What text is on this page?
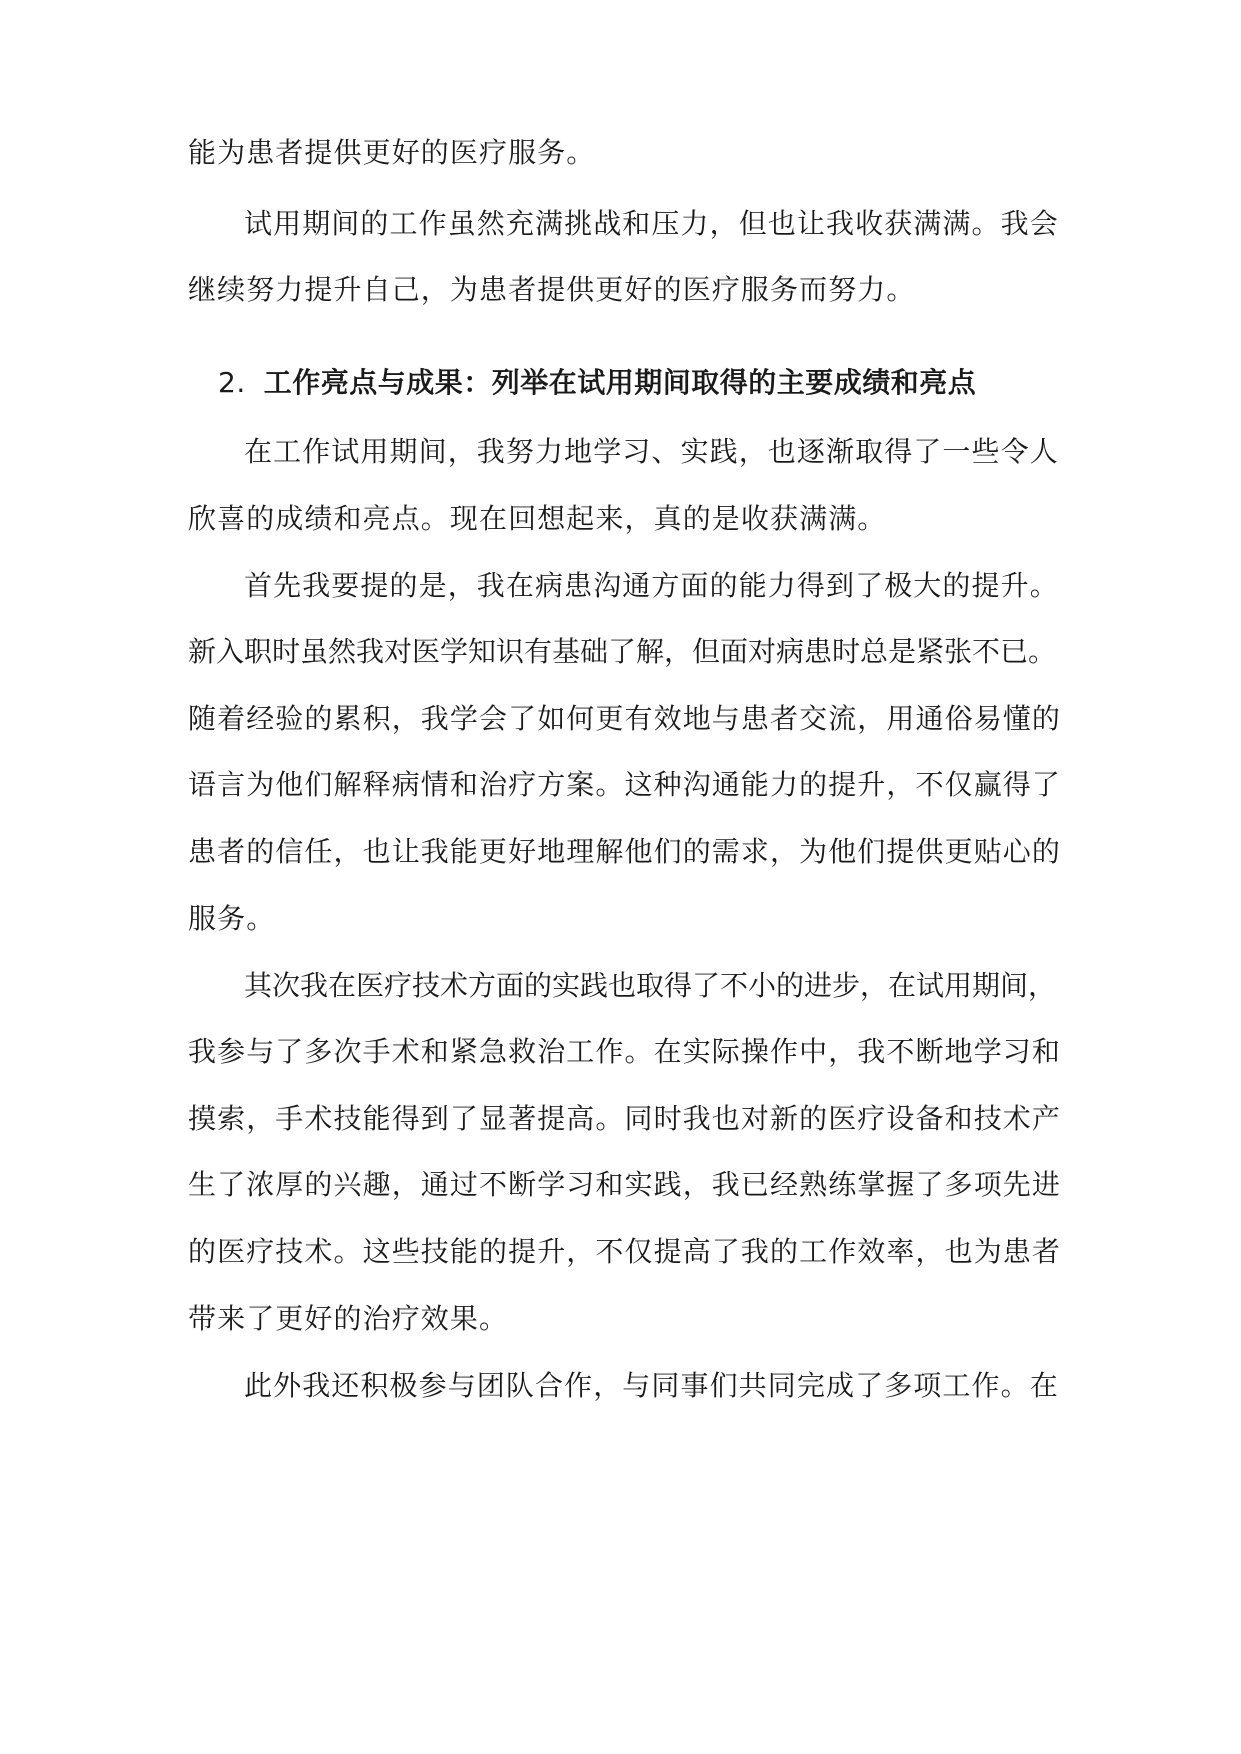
能为患者提供更好的医疗服务。
试用期间的工作虽然充满挑战和压力，但也让我收获满满。我会
继续努力提升自己，为患者提供更好的医疗服务而努力。
2. 工作亮点与成果：列举在试用期间取得的主要成绩和亮点
在工作试用期间，我努力地学习、实践，也逐渐取得了一些令人
欣喜的成绩和亮点。现在回想起来，真的是收获满满。
首先我要提的是，我在病患沟通方面的能力得到了极大的提升。
新入职时虽然我对医学知识有基础了解，但面对病患时总是紧张不已。
随着经验的累积，我学会了如何更有效地与患者交流，用通俗易懂的
语言为他们解释病情和治疗方案。这种沟通能力的提升，不仅赢得了
患者的信任，也让我能更好地理解他们的需求，为他们提供更贴心的
服务。
其次我在医疗技术方面的实践也取得了不小的进步，在试用期间，
我参与了多次手术和紧急救治工作。在实际操作中，我不断地学习和
摸索，手术技能得到了显著提高。同时我也对新的医疗设备和技术产
生了浓厚的兴趣，通过不断学习和实践，我已经熟练掌握了多项先进
的医疗技术。这些技能的提升，不仅提高了我的工作效率，也为患者
带来了更好的治疗效果。
此外我还积极参与团队合作，与同事们共同完成了多项工作。在
